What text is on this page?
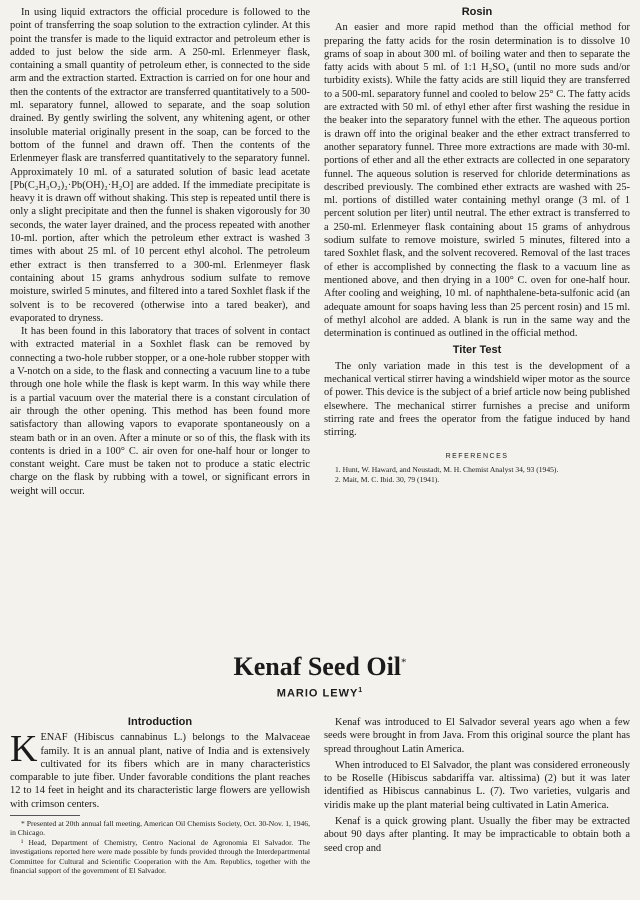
In using liquid extractors the official procedure is followed to the point of transferring the soap solution to the extraction cylinder. At this point the transfer is made to the liquid extractor and petroleum ether is added to just below the side arm. A 250-ml. Erlenmeyer flask, containing a small quantity of petroleum ether, is connected to the side arm and the extraction started. Extraction is carried on for one hour and then the contents of the extractor are transferred quantitatively to a 500-ml. separatory funnel, allowed to separate, and the soap solution drained. By gently swirling the solvent, any whitening agent, or other insoluble material originally present in the soap, can be forced to the bottom of the funnel and drawn off. Then the contents of the Erlenmeyer flask are transferred quantitatively to the separatory funnel. Approximately 10 ml. of a saturated solution of basic lead acetate [Pb(C₂H₃O₂)₂·Pb(OH)₂·H₂O] are added. If the immediate precipitate is heavy it is drawn off without shaking. This step is repeated until there is only a slight precipitate and then the funnel is shaken vigorously for 30 seconds, the water layer drained, and the process repeated with another 10-ml. portion, after which the petroleum ether extract is washed 3 times with about 25 ml. of 10 percent ethyl alcohol. The petroleum ether extract is then transferred to a 300-ml. Erlenmeyer flask containing about 15 grams anhydrous sodium sulfate to remove moisture, swirled 5 minutes, and filtered into a tared Soxhlet flask if the solvent is to be recovered (otherwise into a tared beaker), and evaporated to dryness.

It has been found in this laboratory that traces of solvent in contact with extracted material in a Soxhlet flask can be removed by connecting a two-hole rubber stopper, or a one-hole rubber stopper with a V-notch on a side, to the flask and connecting a vacuum line to a tube through one hole while the flask is kept warm. In this way while there is a partial vacuum over the material there is a constant circulation of air through the other opening. This method has been found more satisfactory than allowing vapors to evaporate spontaneously on a steam bath or in an oven. After a minute or so of this, the flask with its contents is dried in a 100° C. air oven for one-half hour or longer to constant weight. Care must be taken not to produce a static electric charge on the flask by rubbing with a towel, or significant errors in weight will occur.

Rosin

An easier and more rapid method than the official method for preparing the fatty acids for the rosin determination is to dissolve 10 grams of soap in about 300 ml. of boiling water and then to separate the fatty acids with about 5 ml. of 1:1 H₂SO₄ (until no more suds and/or turbidity exists). While the fatty acids are still liquid they are transferred to a 500-ml. separatory funnel and cooled to below 25° C. The fatty acids are extracted with 50 ml. of ethyl ether after first washing the residue in the beaker into the separatory funnel with the ether. The aqueous portion is drawn off into the original beaker and the ether extract transferred to another separatory funnel. Three more extractions are made with 30-ml. portions of ether and all the ether extracts are collected in one separatory funnel. The aqueous solution is reserved for chloride determinations as described previously. The combined ether extracts are washed with 25-ml. portions of distilled water containing methyl orange (3 ml. of 1 percent solution per liter) until neutral. The ether extract is transferred to a 250-ml. Erlenmeyer flask containing about 15 grams of anhydrous sodium sulfate to remove moisture, swirled 5 minutes, filtered into a tared Soxhlet flask, and the solvent recovered. Removal of the last traces of ether is accomplished by connecting the flask to a vacuum line as mentioned above, and then drying in a 100° C. oven for one-half hour. After cooling and weighing, 10 ml. of naphthalene-beta-sulfonic acid (an adequate amount for soaps having less than 25 percent rosin) and 15 ml. of methyl alcohol are added. A blank is run in the same way and the determination is continued as outlined in the official method.

Titer Test

The only variation made in this test is the development of a mechanical vertical stirrer having a windshield wiper motor as the source of power. This device is the subject of a brief article now being published elsewhere. The mechanical stirrer furnishes a precise and uniform stirring rate and frees the operator from the fatigue induced by hand stirring.

REFERENCES

1. Hunt, W. Haward, and Neustadt, M. H. Chemist Analyst 34, 93 (1945).

2. Mait, M. C. Ibid. 30, 79 (1941).

Kenaf Seed Oil*
MARIO LEWY$^1$
Introduction

KENAF (Hibiscus cannabinus L.) belongs to the Malvaceae family. It is an annual plant, native of India and is extensively cultivated for its fibers which are in many characteristics comparable to jute fiber. Under favorable conditions the plant reaches 12 to 14 feet in height and its characteristic large flowers are yellowish with crimson centers.

* Presented at 20th annual fall meeting, American Oil Chemists Society, Oct. 30-Nov. 1, 1946, in Chicago.

¹ Head, Department of Chemistry, Centro Nacional de Agronomia El Salvador. The investigations reported here were made possible by funds provided through the Interdepartmental Committee for Cultural and Scientific Cooperation with the Am. Republics, together with the financial support of the government of El Salvador.

Kenaf was introduced to El Salvador several years ago when a few seeds were brought in from Java. From this original source the plant has spread throughout Latin America.

When introduced to El Salvador, the plant was considered erroneously to be Roselle (Hibiscus sabdariffa var. altissima) (2) but it was later identified as Hibiscus cannabinus L. (7). Two varieties, vulgaris and viridis make up the plant material being cultivated in Latin America.

Kenaf is a quick growing plant. Usually the fiber may be extracted about 90 days after planting. It may be impracticable to obtain both a seed crop and
